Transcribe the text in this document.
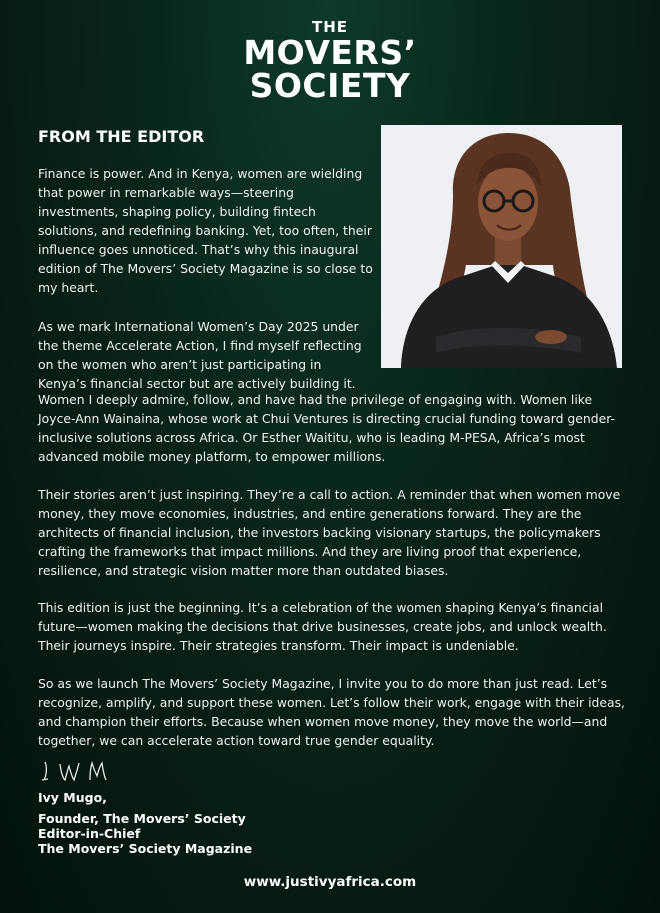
THE
MOVERS’
SOCIETY
FROM THE EDITOR

Finance is power. And in Kenya, women are wielding that power in remarkable ways—steering investments, shaping policy, building fintech solutions, and redefining banking. Yet, too often, their influence goes unnoticed. That’s why this inaugural edition of The Movers’ Society Magazine is so close to my heart.

As we mark International Women’s Day 2025 under the theme Accelerate Action, I find myself reflecting on the women who aren’t just participating in Kenya’s financial sector but are actively building it.

Women I deeply admire, follow, and have had the privilege of engaging with. Women like Joyce-Ann Wainaina, whose work at Chui Ventures is directing crucial funding toward gender-inclusive solutions across Africa. Or Esther Waititu, who is leading M-PESA, Africa’s most advanced mobile money platform, to empower millions.

Their stories aren’t just inspiring. They’re a call to action. A reminder that when women move money, they move economies, industries, and entire generations forward. They are the architects of financial inclusion, the investors backing visionary startups, the policymakers crafting the frameworks that impact millions. And they are living proof that experience, resilience, and strategic vision matter more than outdated biases.

This edition is just the beginning. It’s a celebration of the women shaping Kenya’s financial future—women making the decisions that drive businesses, create jobs, and unlock wealth. Their journeys inspire. Their strategies transform. Their impact is undeniable.

So as we launch The Movers’ Society Magazine, I invite you to do more than just read. Let’s recognize, amplify, and support these women. Let’s follow their work, engage with their ideas, and champion their efforts. Because when women move money, they move the world—and together, we can accelerate action toward true gender equality.

Ivy Mugo,
Founder, The Movers’ Society
Editor-in-Chief
The Movers’ Society Magazine
www.justivyafrica.com
